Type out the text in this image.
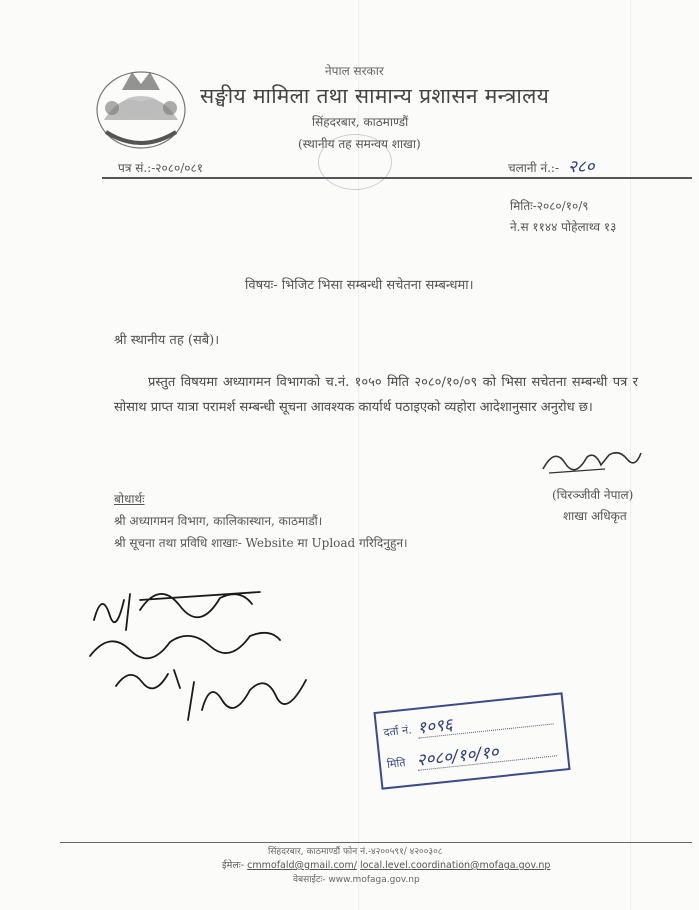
नेपाल सरकार
सङ्घीय मामिला तथा सामान्य प्रशासन मन्त्रालय
सिंहदरबार, काठमाण्डौं
(स्थानीय तह समन्वय शाखा)
पत्र सं.:-२०८०/०८१	चलानी नं.:- २८०
मितिः-२०८०/१०/९
ने.स ११४४ पोहेलाथ्व १३
विषयः- भिजिट भिसा सम्बन्धी सचेतना सम्बन्धमा।
श्री स्थानीय तह (सबै)।
प्रस्तुत विषयमा अध्यागमन विभागको च.नं. १०५० मिति २०८०/१०/०९ को भिसा सचेतना सम्बन्धी पत्र र सोसाथ प्राप्त यात्रा परामर्श सम्बन्धी सूचना आवश्यक कार्यार्थ पठाइएको व्यहोरा आदेशानुसार अनुरोध छ।
(चिरञ्जीवी नेपाल)
शाखा अधिकृत
बोधार्थः
श्री अध्यागमन विभाग, कालिकास्थान, काठमाडौं।
श्री सूचना तथा प्रविधि शाखाः- Website मा Upload गरिदिनुहुन।
दर्ता नं. १०९६
मिति २०८०/१०/१०
सिंहदरबार, काठमाण्डौं फोन नं.-४२००५९१/ ४२००३०८
ईमेलः- cmmofald@gmail.com/ local.level.coordination@mofaga.gov.np
वेबसाईटः- www.mofaga.gov.np
